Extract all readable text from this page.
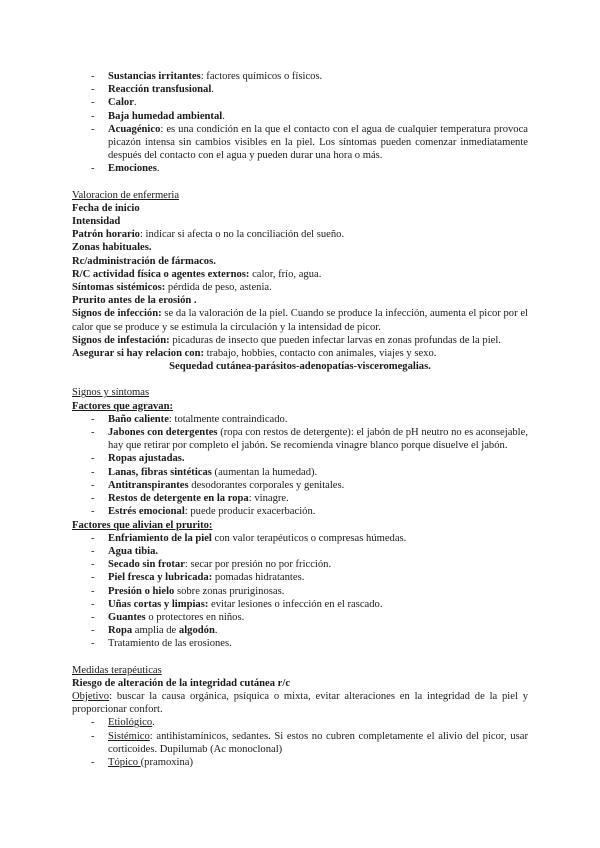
- Sustancias irritantes: factores químicos o físicos.
- Reacción transfusional.
- Calor.
- Baja humedad ambiental.
- Acuagénico: es una condición en la que el contacto con el agua de cualquier temperatura provoca picazón intensa sin cambios visibles en la piel. Los síntomas pueden comenzar inmediatamente después del contacto con el agua y pueden durar una hora o más.
- Emociones.
Valoracion de enfermeria
Fecha de inicio
Intensidad
Patrón horario: indicar si afecta o no la conciliación del sueño.
Zonas habituales.
Rc/administración de fármacos.
R/C actividad física o agentes externos: calor, frío, agua.
Síntomas sistémicos: pérdida de peso, astenia.
Prurito antes de la erosión .
Signos de infección: se da la valoración de la piel. Cuando se produce la infección, aumenta el picor por el calor que se produce y se estimula la circulación y la intensidad de picor.
Signos de infestación: picaduras de insecto que pueden infectar larvas en zonas profundas de la piel.
Asegurar si hay relacion con: trabajo, hobbies, contacto con animales, viajes y sexo.
Sequedad cutánea-parásitos-adenopatías-visceromegalias.
Signos y síntomas
Factores que agravan:
- Baño caliente: totalmente contraindicado.
- Jabones con detergentes (ropa con restos de detergente): el jabón de pH neutro no es aconsejable, hay que retirar por completo el jabón. Se recomienda vinagre blanco porque disuelve el jabón.
- Ropas ajustadas.
- Lanas, fibras sintéticas (aumentan la humedad).
- Antitranspirantes desodorantes corporales y genitales.
- Restos de detergente en la ropa: vinagre.
- Estrés emocional: puede producir exacerbación.
Factores que alivian el prurito:
- Enfriamiento de la piel con valor terapéuticos o compresas húmedas.
- Agua tibia.
- Secado sin frotar: secar por presión no por fricción.
- Piel fresca y lubricada: pomadas hidratantes.
- Presión o hielo sobre zonas pruriginosas.
- Uñas cortas y limpias: evitar lesiones o infección en el rascado.
- Guantes o protectores en niños.
- Ropa amplia de algodón.
- Tratamiento de las erosiones.
Medidas terapéuticas
Riesgo de alteración de la integridad cutánea r/c
Objetivo: buscar la causa orgánica, psíquica o mixta, evitar alteraciones en la integridad de la piel y proporcionar confort.
- Etiológico.
- Sistémico: antihistamínicos, sedantes. Si estos no cubren completamente el alivio del picor, usar corticoides. Dupilumab (Ac monoclonal)
- Tópico (pramoxina)
